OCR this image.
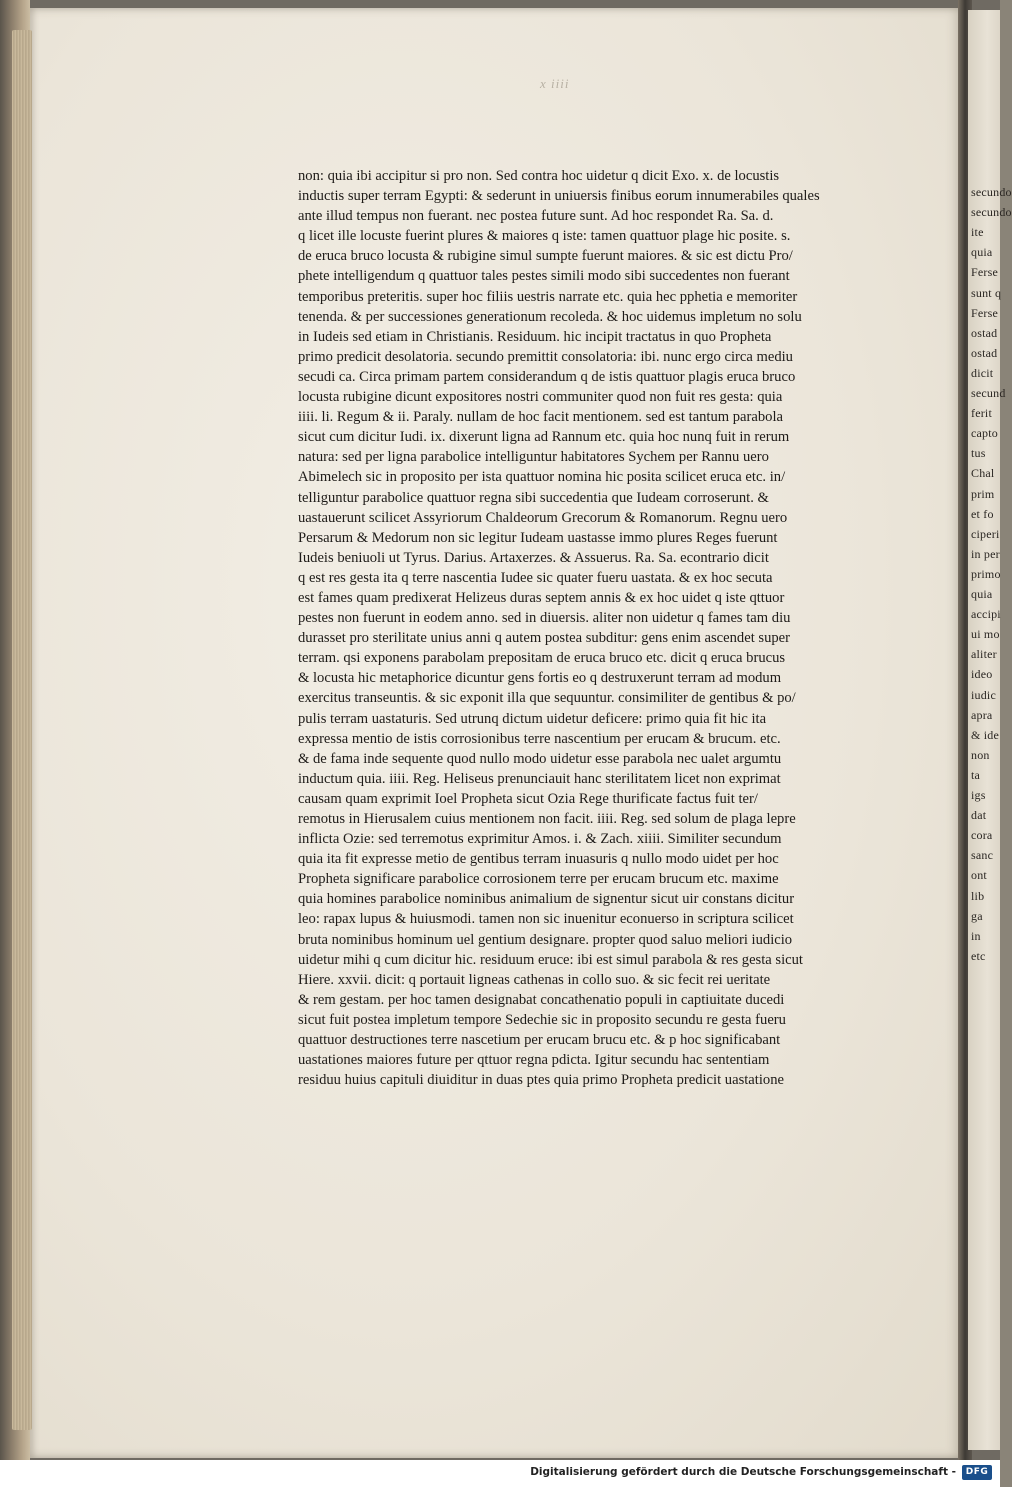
x iiii
non: quia ibi accipitur si pro non. Sed contra hoc uidetur q dicit Exo. x. de locustis
inductis super terram Egypti: & sederunt in uniuersis finibus eorum innumerabiles quales
ante illud tempus non fuerant. nec postea future sunt. Ad hoc respondet Ra. Sa. d.
q licet ille locuste fuerint plures & maiores q iste: tamen quattuor plage hic posite. s.
de eruca bruco locusta & rubigine simul sumpte fuerunt maiores. & sic est dictu Pro/
phete intelligendum q quattuor tales pestes simili modo sibi succedentes non fuerant
temporibus preteritis. super hoc filiis uestris narrate etc. quia hec pphetia e memoriter
tenenda. & per successiones generationum recoleda. & hoc uidemus impletum no solu
in Iudeis sed etiam in Christianis. Residuum. hic incipit tractatus in quo Propheta
primo predicit desolatoria. secundo premittit consolatoria: ibi. nunc ergo circa mediu
secudi ca. Circa primam partem considerandum q de istis quattuor plagis eruca bruco
locusta rubigine dicunt expositores nostri communiter quod non fuit res gesta: quia
iiii. li. Regum & ii. Paraly. nullam de hoc facit mentionem. sed est tantum parabola
sicut cum dicitur Iudi. ix. dixerunt ligna ad Rannum etc. quia hoc nunq fuit in rerum
natura: sed per ligna parabolice intelliguntur habitatores Sychem per Rannu uero
Abimelech sic in proposito per ista quattuor nomina hic posita scilicet eruca etc. in/
telliguntur parabolice quattuor regna sibi succedentia que Iudeam corroserunt. &
uastauerunt scilicet Assyriorum Chaldeorum Grecorum & Romanorum. Regnu uero
Persarum & Medorum non sic legitur Iudeam uastasse immo plures Reges fuerunt
Iudeis beniuoli ut Tyrus. Darius. Artaxerzes. & Assuerus. Ra. Sa. econtrario dicit
q est res gesta ita q terre nascentia Iudee sic quater fueru uastata. & ex hoc secuta
est fames quam predixerat Helizeus duras septem annis & ex hoc uidet q iste qttuor
pestes non fuerunt in eodem anno. sed in diuersis. aliter non uidetur q fames tam diu
durasset pro sterilitate unius anni q autem postea subditur: gens enim ascendet super
terram. qsi exponens parabolam prepositam de eruca bruco etc. dicit q eruca brucus
& locusta hic metaphorice dicuntur gens fortis eo q destruxerunt terram ad modum
exercitus transeuntis. & sic exponit illa que sequuntur. consimiliter de gentibus & po/
pulis terram uastaturis. Sed utrunq dictum uidetur deficere: primo quia fit hic ita
expressa mentio de istis corrosionibus terre nascentium per erucam & brucum. etc.
& de fama inde sequente quod nullo modo uidetur esse parabola nec ualet argumtu
inductum quia. iiii. Reg. Heliseus prenunciauit hanc sterilitatem licet non exprimat
causam quam exprimit Ioel Propheta sicut Ozia Rege thurificate factus fuit ter/
remotus in Hierusalem cuius mentionem non facit. iiii. Reg. sed solum de plaga lepre
inflicta Ozie: sed terremotus exprimitur Amos. i. & Zach. xiiii. Similiter secundum
quia ita fit expresse metio de gentibus terram inuasuris q nullo modo uidet per hoc
Propheta significare parabolice corrosionem terre per erucam brucum etc. maxime
quia homines parabolice nominibus animalium de signentur sicut uir constans dicitur
leo: rapax lupus & huiusmodi. tamen non sic inuenitur econuerso in scriptura scilicet
bruta nominibus hominum uel gentium designare. propter quod saluo meliori iudicio
uidetur mihi q cum dicitur hic. residuum eruce: ibi est simul parabola & res gesta sicut
Hiere. xxvii. dicit: q portauit ligneas cathenas in collo suo. & sic fecit rei ueritate
& rem gestam. per hoc tamen designabat concathenatio populi in captiuitate ducedi
sicut fuit postea impletum tempore Sedechie sic in proposito secundu re gesta fueru
quattuor destructiones terre nascetium per erucam brucu etc. & p hoc significabant
uastationes maiores future per qttuor regna pdicta. Igitur secundu hac sententiam
residuu huius capituli diuiditur in duas ptes quia primo Propheta predicit uastatione
secundo
secundo
ite
quia
Ferse
sunt q
Ferse
ostad
ostad
dicit
secund
ferit
capto
tus
Chal
prim
et fo
ciperi
in per
primo
quia
accipi
ui mo
aliter
ideo
iudic
apra
& ide
non
ta
igs
dat
cora
sanc
ont
lib
ga
in
etc
Digitalisierung gefördert durch die Deutsche Forschungsgemeinschaft -	DFG
